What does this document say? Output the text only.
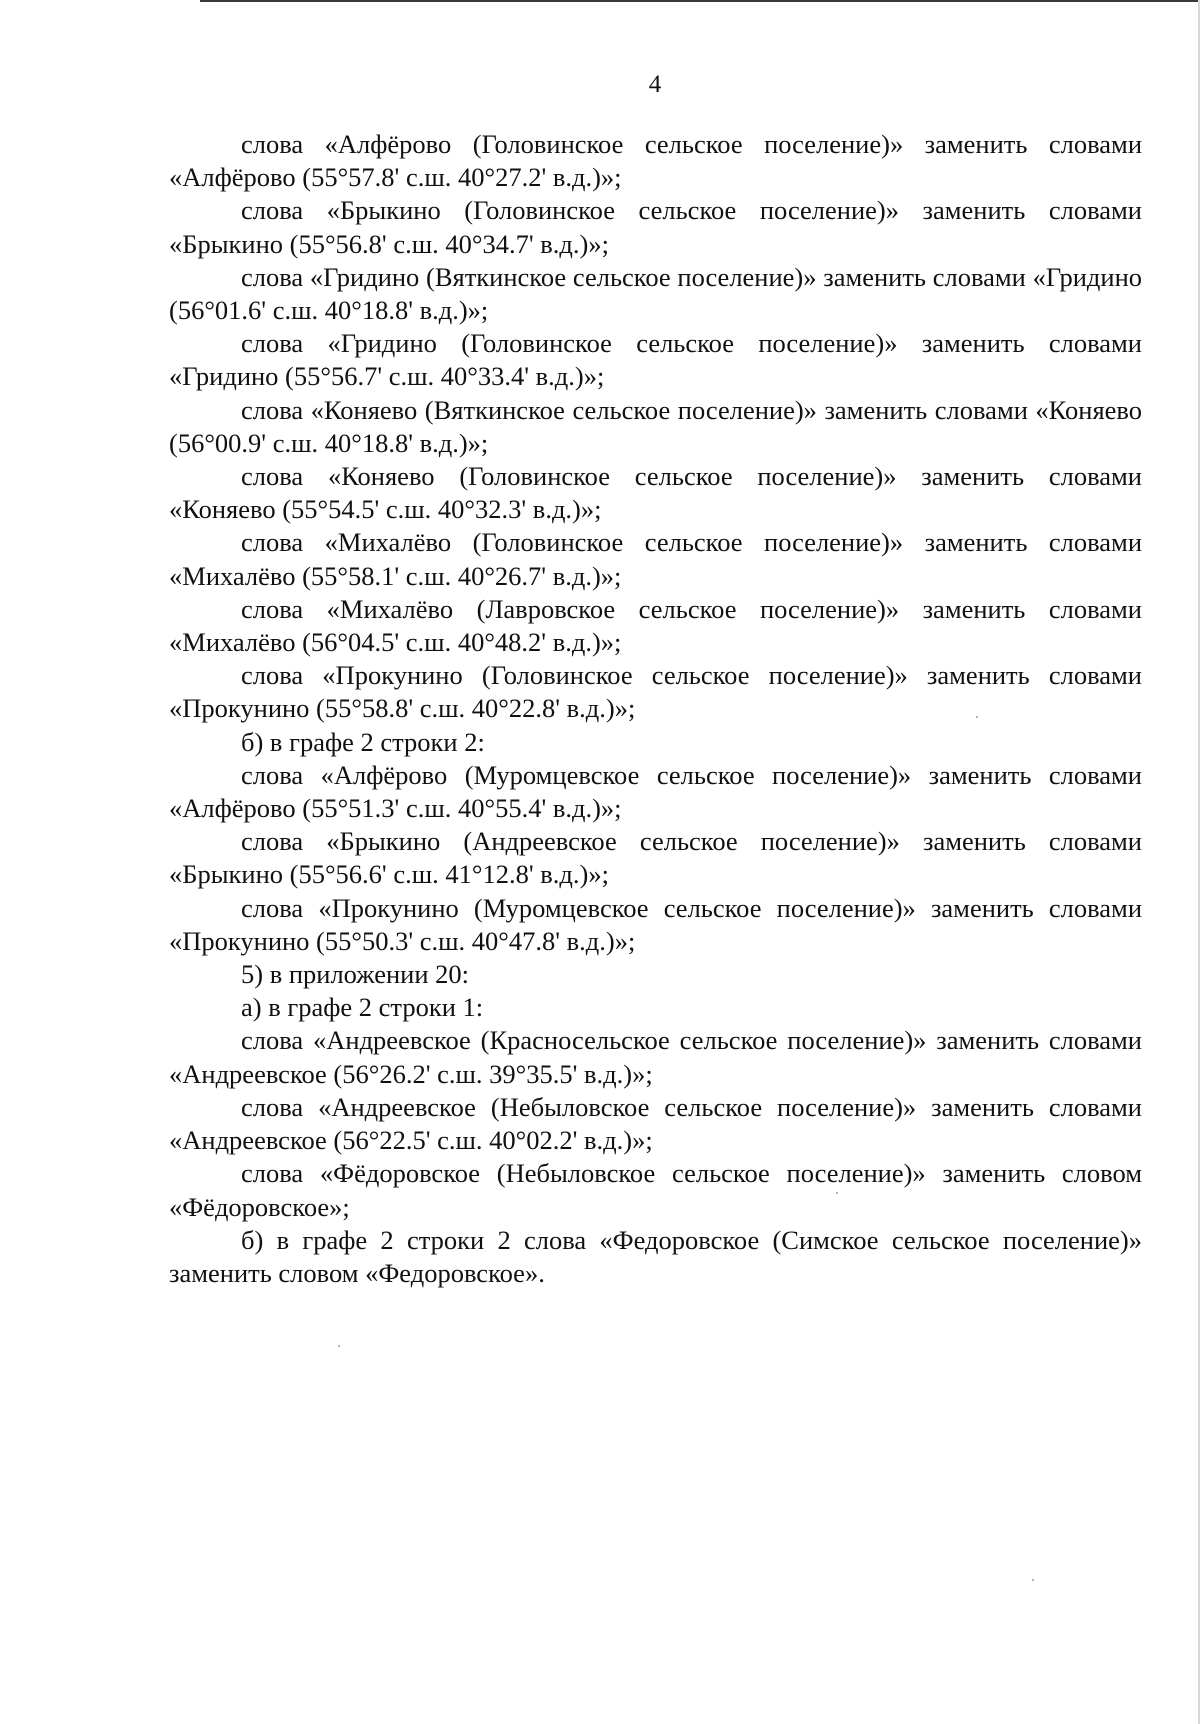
4

слова «Алфёрово (Головинское сельское поселение)» заменить словами «Алфёрово (55°57.8' с.ш. 40°27.2' в.д.)»;

слова «Брыкино (Головинское сельское поселение)» заменить словами «Брыкино (55°56.8' с.ш. 40°34.7' в.д.)»;

слова «Гридино (Вяткинское сельское поселение)» заменить словами «Гридино (56°01.6' с.ш. 40°18.8' в.д.)»;

слова «Гридино (Головинское сельское поселение)» заменить словами «Гридино (55°56.7' с.ш. 40°33.4' в.д.)»;

слова «Коняево (Вяткинское сельское поселение)» заменить словами «Коняево (56°00.9' с.ш. 40°18.8' в.д.)»;

слова «Коняево (Головинское сельское поселение)» заменить словами «Коняево (55°54.5' с.ш. 40°32.3' в.д.)»;

слова «Михалёво (Головинское сельское поселение)» заменить словами «Михалёво (55°58.1' с.ш. 40°26.7' в.д.)»;

слова «Михалёво (Лавровское сельское поселение)» заменить словами «Михалёво (56°04.5' с.ш. 40°48.2' в.д.)»;

слова «Прокунино (Головинское сельское поселение)» заменить словами «Прокунино (55°58.8' с.ш. 40°22.8' в.д.)»;

б) в графе 2 строки 2:

слова «Алфёрово (Муромцевское сельское поселение)» заменить словами «Алфёрово (55°51.3' с.ш. 40°55.4' в.д.)»;

слова «Брыкино (Андреевское сельское поселение)» заменить словами «Брыкино (55°56.6' с.ш. 41°12.8' в.д.)»;

слова «Прокунино (Муромцевское сельское поселение)» заменить словами «Прокунино (55°50.3' с.ш. 40°47.8' в.д.)»;

5) в приложении 20:

а) в графе 2 строки 1:

слова «Андреевское (Красносельское сельское поселение)» заменить словами «Андреевское (56°26.2' с.ш. 39°35.5' в.д.)»;

слова «Андреевское (Небыловское сельское поселение)» заменить словами «Андреевское (56°22.5' с.ш. 40°02.2' в.д.)»;

слова «Фёдоровское (Небыловское сельское поселение)» заменить словом «Фёдоровское»;

б) в графе 2 строки 2 слова «Федоровское (Симское сельское поселение)» заменить словом «Федоровское».
